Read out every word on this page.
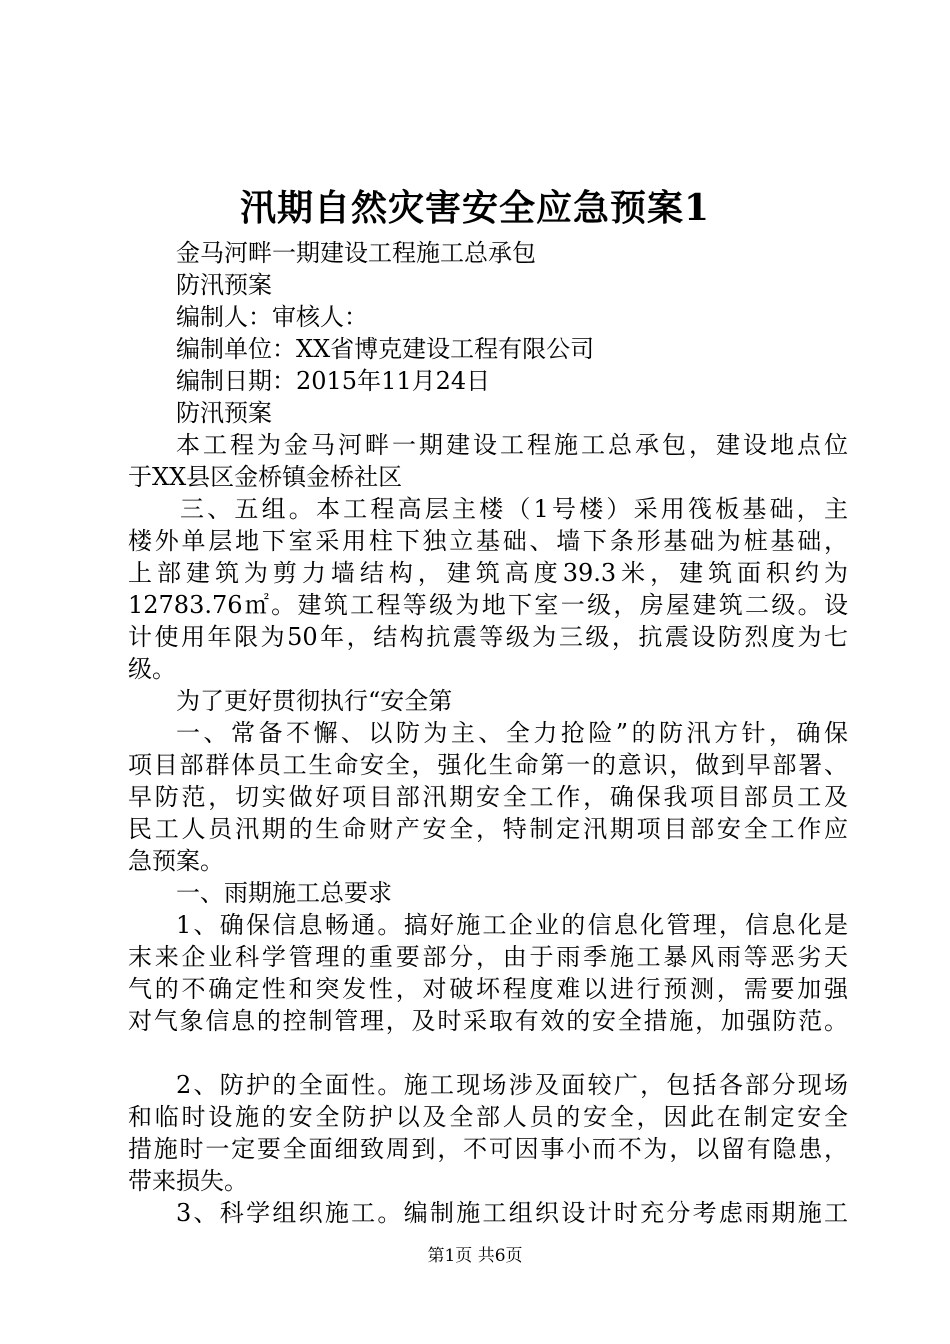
汛期自然灾害安全应急预案1
金马河畔一期建设工程施工总承包
防汛预案
编制人：审核人：
编制单位：XX省博克建设工程有限公司
编制日期：2015年11月24日
防汛预案
本工程为金马河畔一期建设工程施工总承包，建设地点位
于XX县区金桥镇金桥社区
三、五组。本工程高层主楼（1号楼）采用筏板基础，主
楼外单层地下室采用柱下独立基础、墙下条形基础为桩基础，
上部建筑为剪力墙结构，建筑高度39.3米，建筑面积约为
12783.76㎡。建筑工程等级为地下室一级，房屋建筑二级。设
计使用年限为50年，结构抗震等级为三级，抗震设防烈度为七
级。
为了更好贯彻执行“安全第
一、常备不懈、以防为主、全力抢险”的防汛方针，确保
项目部群体员工生命安全，强化生命第一的意识，做到早部署、
早防范，切实做好项目部汛期安全工作，确保我项目部员工及
民工人员汛期的生命财产安全，特制定汛期项目部安全工作应
急预案。
一、雨期施工总要求
1、确保信息畅通。搞好施工企业的信息化管理，信息化是
末来企业科学管理的重要部分，由于雨季施工暴风雨等恶劣天
气的不确定性和突发性，对破坏程度难以进行预测，需要加强
对气象信息的控制管理，及时采取有效的安全措施，加强防范。
2、防护的全面性。施工现场涉及面较广，包括各部分现场
和临时设施的安全防护以及全部人员的安全，因此在制定安全
措施时一定要全面细致周到，不可因事小而不为，以留有隐患，
带来损失。
3、科学组织施工。编制施工组织设计时充分考虑雨期施工
第1页 共6页
